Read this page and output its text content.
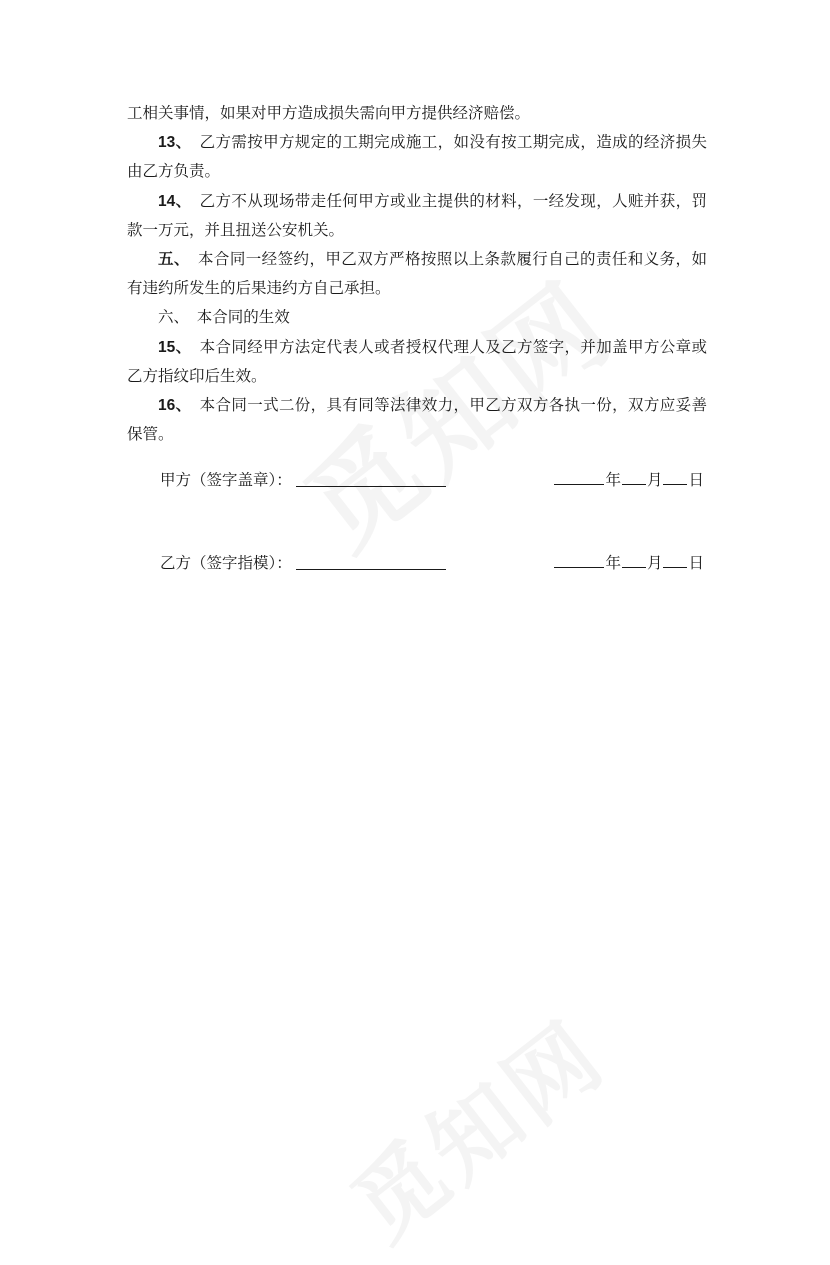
工相关事情，如果对甲方造成损失需向甲方提供经济赔偿。

13、　乙方需按甲方规定的工期完成施工，如没有按工期完成，造成的经济损失由乙方负责。

14、　乙方不从现场带走任何甲方或业主提供的材料，一经发现，人赃并获，罚款一万元，并且扭送公安机关。

五、　本合同一经签约，甲乙双方严格按照以上条款履行自己的责任和义务，如有违约所发生的后果违约方自己承担。

六、　本合同的生效

15、　本合同经甲方法定代表人或者授权代理人及乙方签字，并加盖甲方公章或乙方指纹印后生效。

16、　本合同一式二份，具有同等法律效力，甲乙方双方各执一份，双方应妥善保管。

甲方（签字盖章）：	年 月 日
乙方（签字指模）：	年 月 日
